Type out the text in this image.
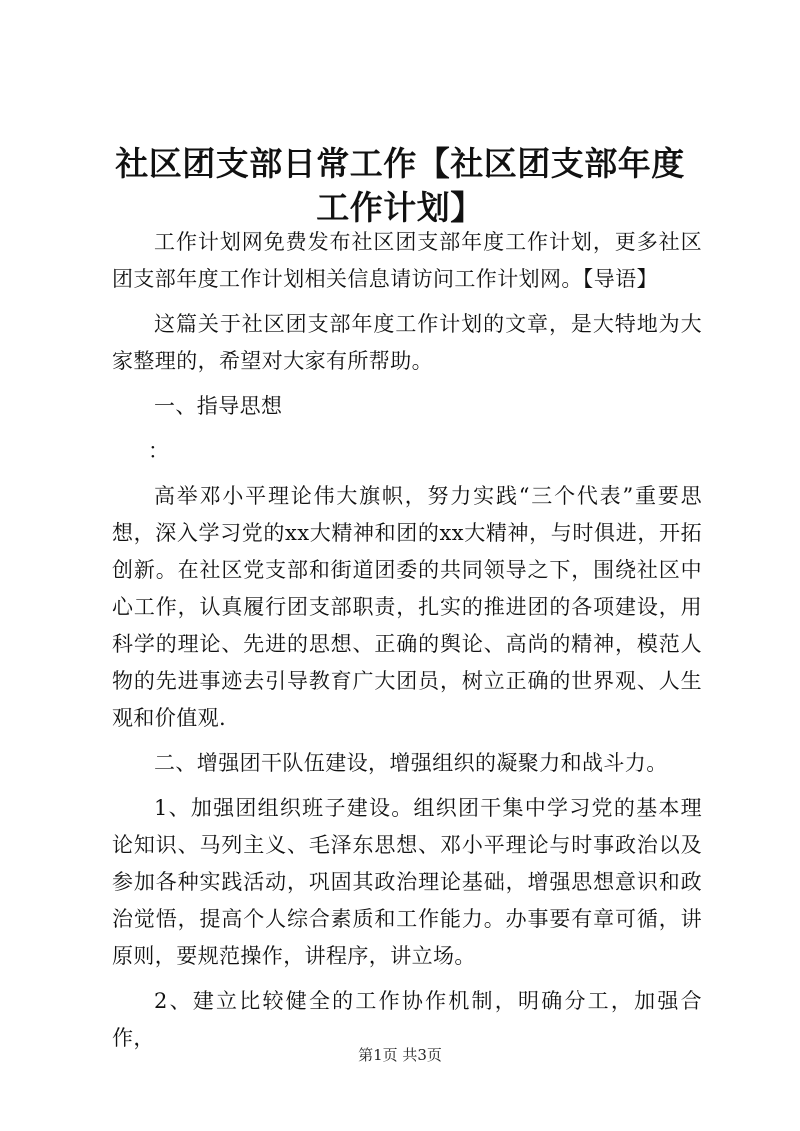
社区团支部日常工作【社区团支部年度工作计划】

工作计划网免费发布社区团支部年度工作计划，更多社区团支部年度工作计划相关信息请访问工作计划网。【导语】

这篇关于社区团支部年度工作计划的文章，是大特地为大家整理的，希望对大家有所帮助。

一、指导思想

：

高举邓小平理论伟大旗帜，努力实践“三个代表”重要思想，深入学习党的xx大精神和团的xx大精神，与时俱进，开拓创新。在社区党支部和街道团委的共同领导之下，围绕社区中心工作，认真履行团支部职责，扎实的推进团的各项建设，用科学的理论、先进的思想、正确的舆论、高尚的精神，模范人物的先进事迹去引导教育广大团员，树立正确的世界观、人生观和价值观.

二、增强团干队伍建设，增强组织的凝聚力和战斗力。

1、加强团组织班子建设。组织团干集中学习党的基本理论知识、马列主义、毛泽东思想、邓小平理论与时事政治以及参加各种实践活动，巩固其政治理论基础，增强思想意识和政治觉悟，提高个人综合素质和工作能力。办事要有章可循，讲原则，要规范操作，讲程序，讲立场。

2、建立比较健全的工作协作机制，明确分工，加强合作，

第1页 共3页
